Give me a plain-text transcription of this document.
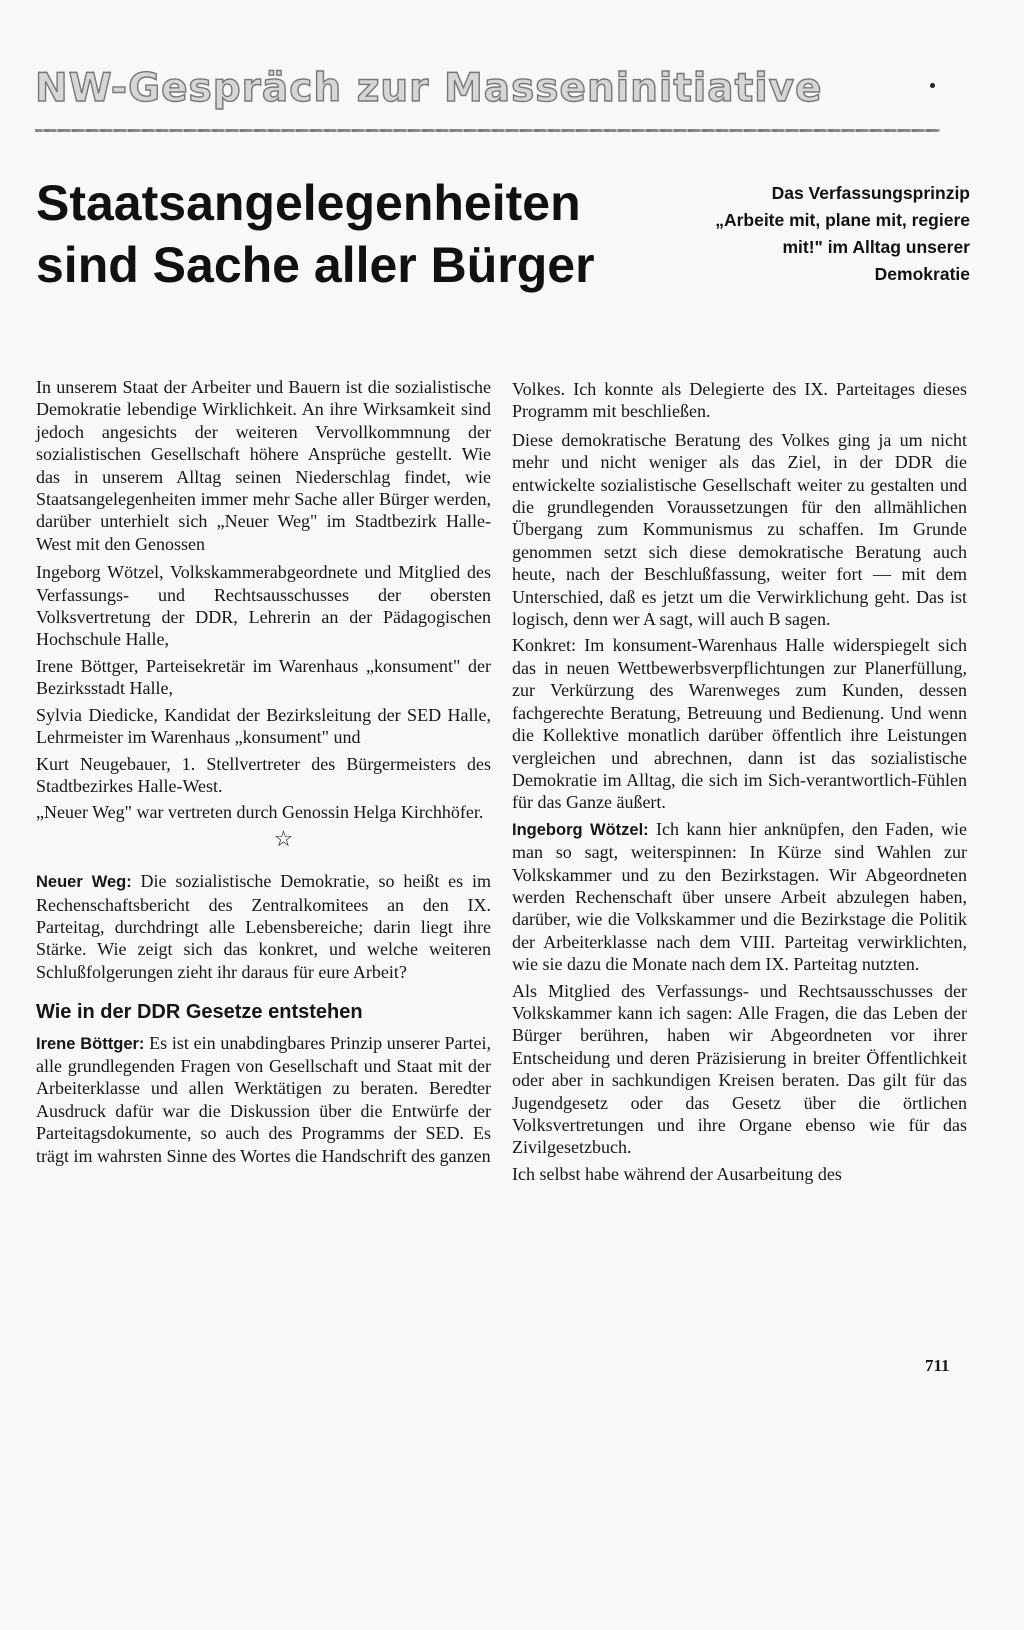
NW-Gespräch zur Masseninitiative
Staatsangelegenheiten
sind Sache aller Bürger
Das Verfassungsprinzip „Arbeite mit, plane mit, regiere mit!" im Alltag unserer Demokratie

In unserem Staat der Arbeiter und Bauern ist die sozialistische Demokratie lebendige Wirklichkeit. An ihre Wirksamkeit sind jedoch angesichts der weiteren Vervollkommnung der sozialistischen Gesellschaft höhere Ansprüche gestellt. Wie das in unserem Alltag seinen Niederschlag findet, wie Staatsangelegenheiten immer mehr Sache aller Bürger werden, darüber unterhielt sich „Neuer Weg" im Stadtbezirk Halle-West mit den Genossen

Ingeborg Wötzel, Volkskammerabgeordnete und Mitglied des Verfassungs- und Rechtsausschusses der obersten Volksvertretung der DDR, Lehrerin an der Pädagogischen Hochschule Halle,

Irene Böttger, Parteisekretär im Warenhaus „konsument" der Bezirksstadt Halle,

Sylvia Diedicke, Kandidat der Bezirksleitung der SED Halle, Lehrmeister im Warenhaus „konsument" und

Kurt Neugebauer, 1. Stellvertreter des Bürgermeisters des Stadtbezirkes Halle-West.

„Neuer Weg" war vertreten durch Genossin Helga Kirchhöfer.

☆

Neuer Weg: Die sozialistische Demokratie, so heißt es im Rechenschaftsbericht des Zentralkomitees an den IX. Parteitag, durchdringt alle Lebensbereiche; darin liegt ihre Stärke. Wie zeigt sich das konkret, und welche weiteren Schlußfolgerungen zieht ihr daraus für eure Arbeit?

Wie in der DDR Gesetze entstehen

Irene Böttger: Es ist ein unabdingbares Prinzip unserer Partei, alle grundlegenden Fragen von Gesellschaft und Staat mit der Arbeiterklasse und allen Werktätigen zu beraten. Beredter Ausdruck dafür war die Diskussion über die Entwürfe der Parteitagsdokumente, so auch des Programms der SED. Es trägt im wahrsten Sinne des Wortes die Handschrift des ganzen

Volkes. Ich konnte als Delegierte des IX. Parteitages dieses Programm mit beschließen.

Diese demokratische Beratung des Volkes ging ja um nicht mehr und nicht weniger als das Ziel, in der DDR die entwickelte sozialistische Gesellschaft weiter zu gestalten und die grundlegenden Voraussetzungen für den allmählichen Übergang zum Kommunismus zu schaffen. Im Grunde genommen setzt sich diese demokratische Beratung auch heute, nach der Beschlußfassung, weiter fort — mit dem Unterschied, daß es jetzt um die Verwirklichung geht. Das ist logisch, denn wer A sagt, will auch B sagen.

Konkret: Im konsument-Warenhaus Halle widerspiegelt sich das in neuen Wettbewerbsverpflichtungen zur Planerfüllung, zur Verkürzung des Warenweges zum Kunden, dessen fachgerechte Beratung, Betreuung und Bedienung. Und wenn die Kollektive monatlich darüber öffentlich ihre Leistungen vergleichen und abrechnen, dann ist das sozialistische Demokratie im Alltag, die sich im Sich-verantwortlich-Fühlen für das Ganze äußert.

Ingeborg Wötzel: Ich kann hier anknüpfen, den Faden, wie man so sagt, weiterspinnen: In Kürze sind Wahlen zur Volkskammer und zu den Bezirkstagen. Wir Abgeordneten werden Rechenschaft über unsere Arbeit abzulegen haben, darüber, wie die Volkskammer und die Bezirkstage die Politik der Arbeiterklasse nach dem VIII. Parteitag verwirklichten, wie sie dazu die Monate nach dem IX. Parteitag nutzten.

Als Mitglied des Verfassungs- und Rechtsausschusses der Volkskammer kann ich sagen: Alle Fragen, die das Leben der Bürger berühren, haben wir Abgeordneten vor ihrer Entscheidung und deren Präzisierung in breiter Öffentlichkeit oder aber in sachkundigen Kreisen beraten. Das gilt für das Jugendgesetz oder das Gesetz über die örtlichen Volksvertretungen und ihre Organe ebenso wie für das Zivilgesetzbuch.

Ich selbst habe während der Ausarbeitung des

711
